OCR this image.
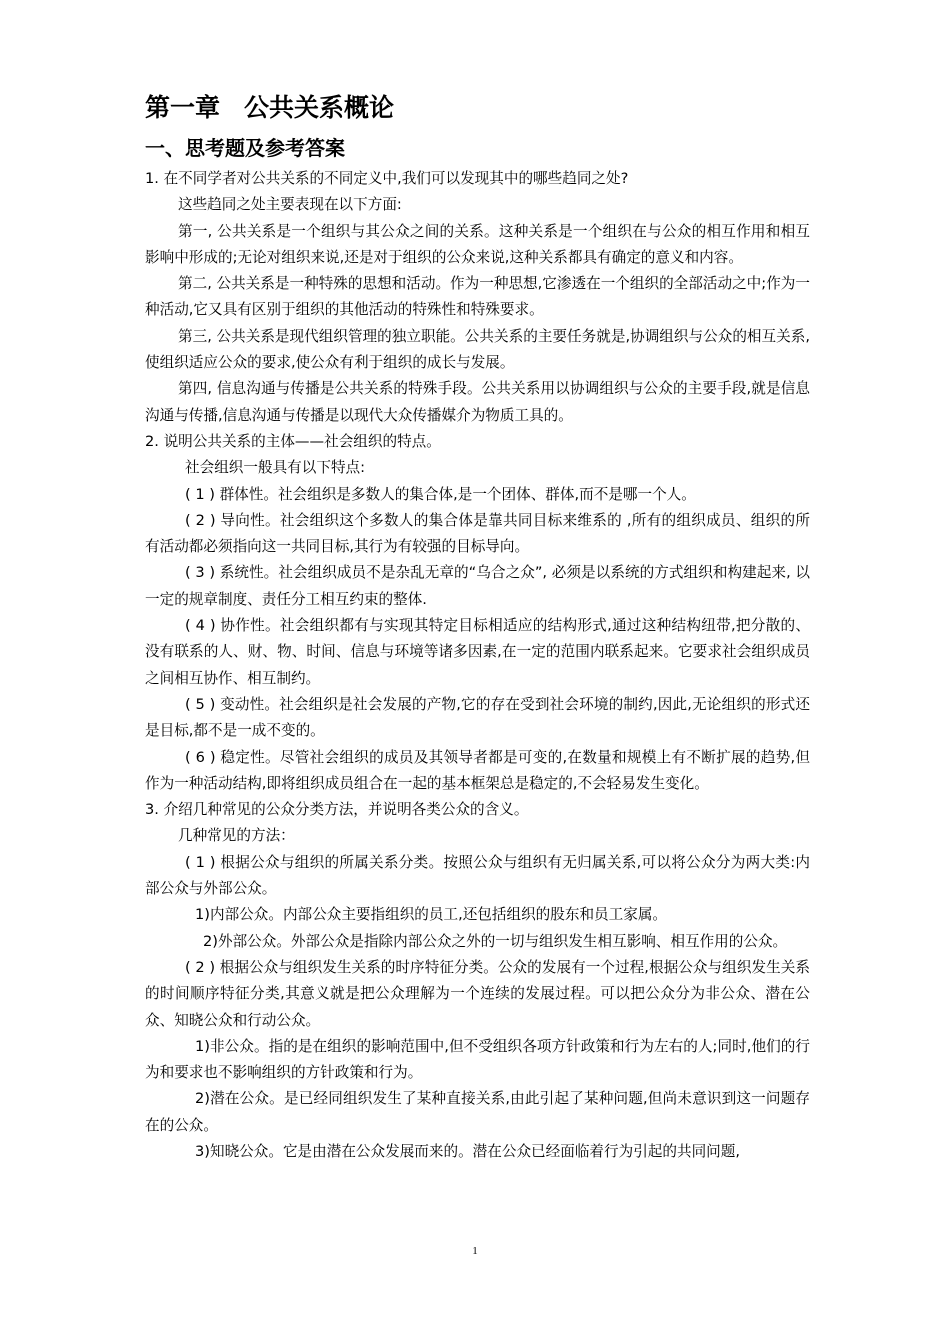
第一章 公共关系概论
一、思考题及参考答案

1. 在不同学者对公共关系的不同定义中,我们可以发现其中的哪些趋同之处?

这些趋同之处主要表现在以下方面:

第一, 公共关系是一个组织与其公众之间的关系。这种关系是一个组织在与公众的相互作用和相互影响中形成的;无论对组织来说,还是对于组织的公众来说,这种关系都具有确定的意义和内容。

第二, 公共关系是一种特殊的思想和活动。作为一种思想,它渗透在一个组织的全部活动之中;作为一种活动,它又具有区别于组织的其他活动的特殊性和特殊要求。

第三, 公共关系是现代组织管理的独立职能。公共关系的主要任务就是,协调组织与公众的相互关系,使组织适应公众的要求,使公众有利于组织的成长与发展。

第四, 信息沟通与传播是公共关系的特殊手段。公共关系用以协调组织与公众的主要手段,就是信息沟通与传播,信息沟通与传播是以现代大众传播媒介为物质工具的。

2. 说明公共关系的主体——社会组织的特点。

社会组织一般具有以下特点:

( 1 ) 群体性。社会组织是多数人的集合体,是一个团体、群体,而不是哪一个人。

( 2 ) 导向性。社会组织这个多数人的集合体是靠共同目标来维系的 ,所有的组织成员、组织的所有活动都必须指向这一共同目标,其行为有较强的目标导向。

( 3 ) 系统性。社会组织成员不是杂乱无章的“乌合之众”, 必须是以系统的方式组织和构建起来, 以一定的规章制度、责任分工相互约束的整体.

( 4 ) 协作性。社会组织都有与实现其特定目标相适应的结构形式,通过这种结构纽带,把分散的、没有联系的人、财、物、时间、信息与环境等诸多因素,在一定的范围内联系起来。它要求社会组织成员之间相互协作、相互制约。

( 5 ) 变动性。社会组织是社会发展的产物,它的存在受到社会环境的制约,因此,无论组织的形式还是目标,都不是一成不变的。

( 6 ) 稳定性。尽管社会组织的成员及其领导者都是可变的,在数量和规模上有不断扩展的趋势,但作为一种活动结构,即将组织成员组合在一起的基本框架总是稳定的,不会轻易发生变化。

3. 介绍几种常见的公众分类方法，并说明各类公众的含义。

几种常见的方法：

( 1 ) 根据公众与组织的所属关系分类。按照公众与组织有无归属关系,可以将公众分为两大类:内部公众与外部公众。

1)内部公众。内部公众主要指组织的员工,还包括组织的股东和员工家属。

2)外部公众。外部公众是指除内部公众之外的一切与组织发生相互影响、相互作用的公众。

( 2 ) 根据公众与组织发生关系的时序特征分类。公众的发展有一个过程,根据公众与组织发生关系的时间顺序特征分类,其意义就是把公众理解为一个连续的发展过程。可以把公众分为非公众、潜在公众、知晓公众和行动公众。

1)非公众。指的是在组织的影响范围中,但不受组织各项方针政策和行为左右的人;同时,他们的行为和要求也不影响组织的方针政策和行为。

2)潜在公众。是已经同组织发生了某种直接关系,由此引起了某种问题,但尚未意识到这一问题存在的公众。

3)知晓公众。它是由潜在公众发展而来的。潜在公众已经面临着行为引起的共同问题,

1
